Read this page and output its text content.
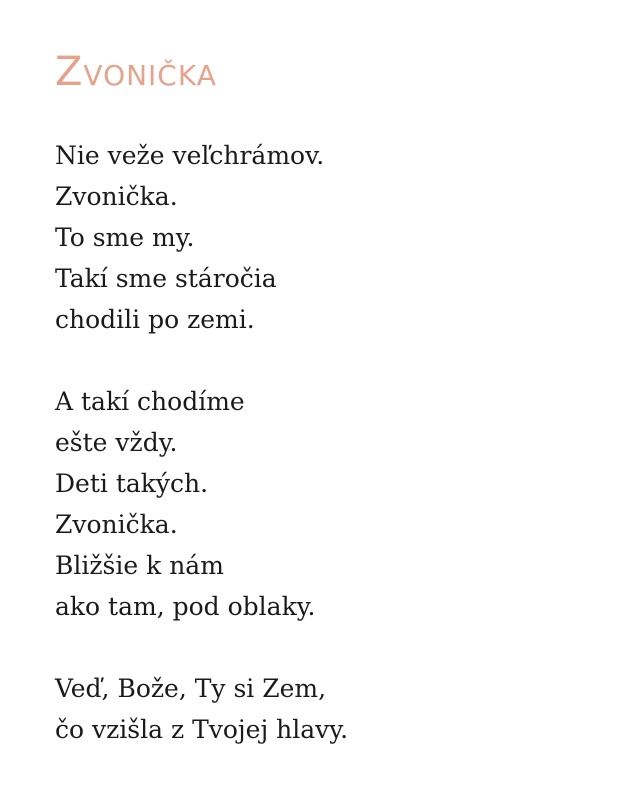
Zvonička

Nie veže veľchrámov.
Zvonička.
To sme my.
Takí sme stáročia
chodili po zemi.

A takí chodíme
ešte vždy.
Deti takých.
Zvonička.
Bližšie k nám
ako tam, pod oblaky.

Veď, Bože, Ty si Zem,
čo vzišla z Tvojej hlavy.
